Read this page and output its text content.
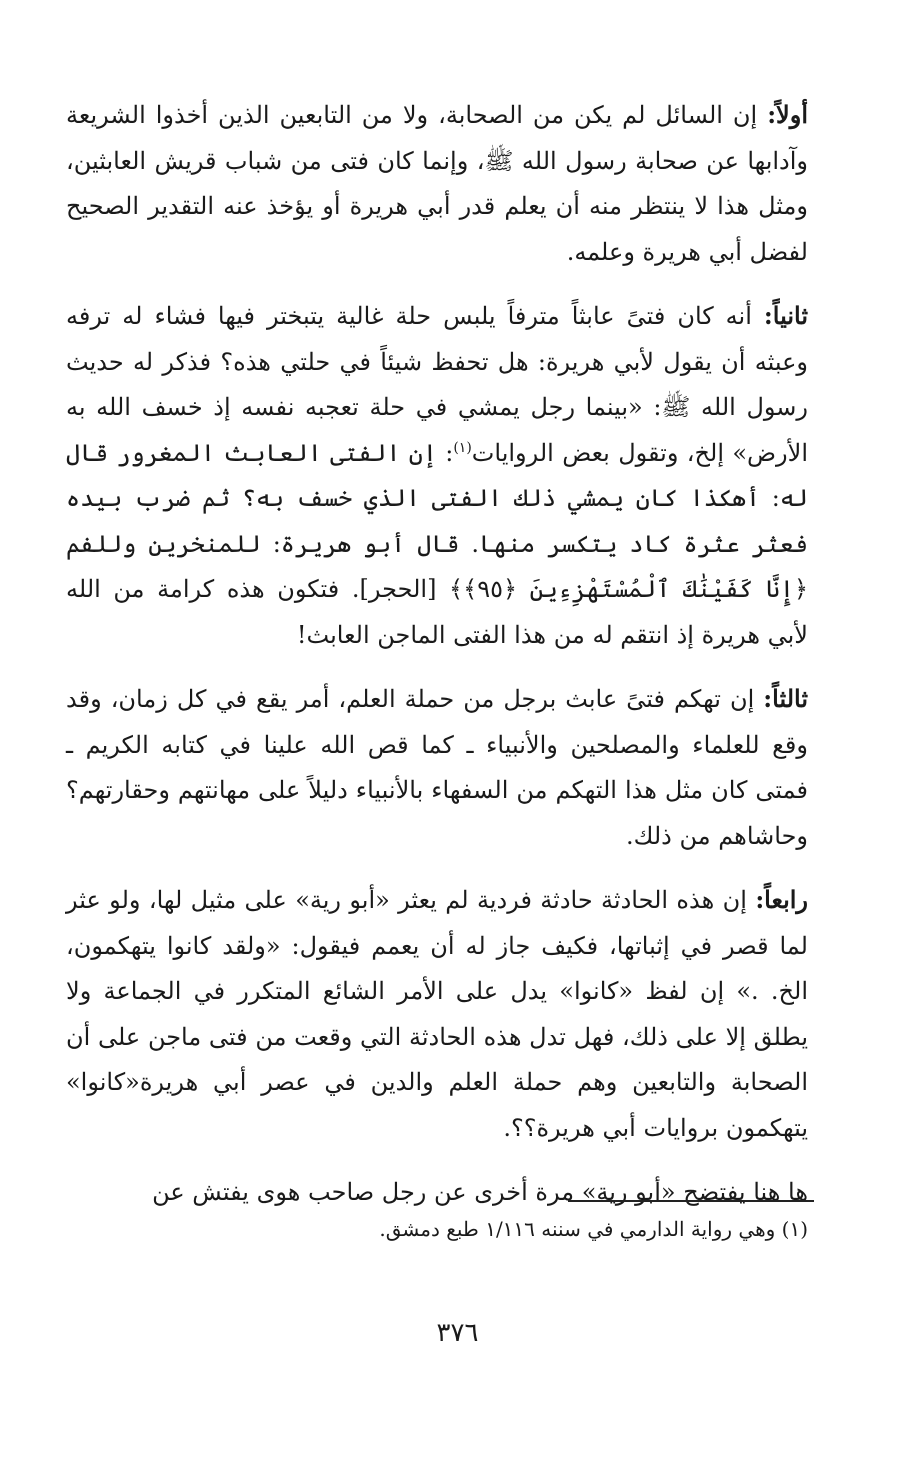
أولاً: إن السائل لم يكن من الصحابة، ولا من التابعين الذين أخذوا الشريعة وآدابها عن صحابة رسول الله ﷺ، وإنما كان فتى من شباب قريش العابثين، ومثل هذا لا ينتظر منه أن يعلم قدر أبي هريرة أو يؤخذ عنه التقدير الصحيح لفضل أبي هريرة وعلمه.

ثانياً: أنه كان فتىً عابثاً مترفاً يلبس حلة غالية يتبختر فيها فشاء له ترفه وعبثه أن يقول لأبي هريرة: هل تحفظ شيئاً في حلتي هذه؟ فذكر له حديث رسول الله ﷺ: «بينما رجل يمشي في حلة تعجبه نفسه إذ خسف الله به الأرض» إلخ، وتقول بعض الروايات$^{(١)}$: إن الفتى العابث المغرور قال له: أهكذا كان يمشي ذلك الفتى الذي خسف به؟ ثم ضرب بيده فعثر عثرة كاد يتكسر منها. قال أبو هريرة: للمنخرين وللفم ﴿إِنَّا كَفَيْنَٰكَ ٱلْمُسْتَهْزِءِينَ ﴿٩٥﴾﴾ [الحجر]. فتكون هذه كرامة من الله لأبي هريرة إذ انتقم له من هذا الفتى الماجن العابث!

ثالثاً: إن تهكم فتىً عابث برجل من حملة العلم، أمر يقع في كل زمان، وقد وقع للعلماء والمصلحين والأنبياء ـ كما قص الله علينا في كتابه الكريم ـ فمتى كان مثل هذا التهكم من السفهاء بالأنبياء دليلاً على مهانتهم وحقارتهم؟ وحاشاهم من ذلك.

رابعاً: إن هذه الحادثة حادثة فردية لم يعثر «أبو رية» على مثيل لها، ولو عثر لما قصر في إثباتها، فكيف جاز له أن يعمم فيقول: «ولقد كانوا يتهكمون، الخ. .» إن لفظ «كانوا» يدل على الأمر الشائع المتكرر في الجماعة ولا يطلق إلا على ذلك، فهل تدل هذه الحادثة التي وقعت من فتى ماجن على أن الصحابة والتابعين وهم حملة العلم والدين في عصر أبي هريرة«كانوا» يتهكمون بروايات أبي هريرة؟؟.

ها هنا يفتضح «أبو رية» مرة أخرى عن رجل صاحب هوى يفتش عن

(١) وهي رواية الدارمي في سننه ١/١١٦ طبع دمشق.
٣٧٦
